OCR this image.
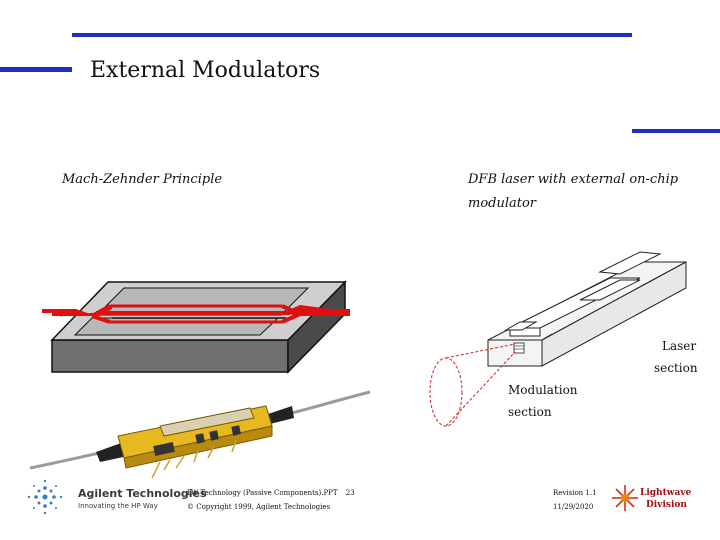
External Modulators
Mach-Zehnder Principle	DFB laser with external on-chip
modulator
Laser
section
Modulation
section
Agilent Technologies
Innovating the HP Way
LW Technology (Passive Components).PPT 23
© Copyright 1999, Agilent Technologies
Revision 1.1
11/29/2020
Lightwave
Division
